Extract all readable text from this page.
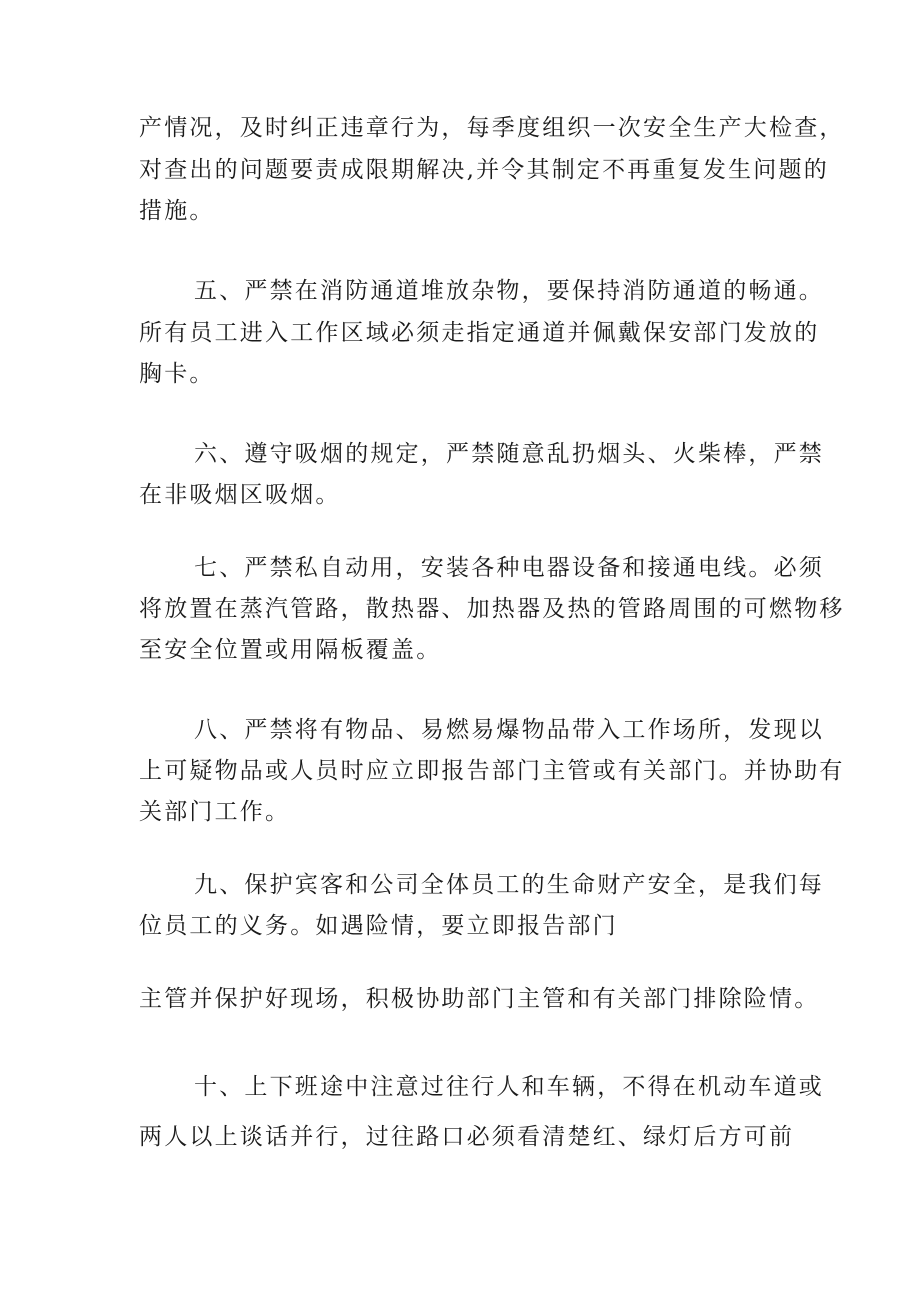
产情况，及时纠正违章行为，每季度组织一次安全生产大检查，

对查出的问题要责成限期解决,并令其制定不再重复发生问题的

措施。

五、严禁在消防通道堆放杂物，要保持消防通道的畅通。

所有员工进入工作区域必须走指定通道并佩戴保安部门发放的

胸卡。

六、遵守吸烟的规定，严禁随意乱扔烟头、火柴棒，严禁

在非吸烟区吸烟。

七、严禁私自动用，安装各种电器设备和接通电线。必须

将放置在蒸汽管路，散热器、加热器及热的管路周围的可燃物移

至安全位置或用隔板覆盖。

八、严禁将有物品、易燃易爆物品带入工作场所，发现以

上可疑物品或人员时应立即报告部门主管或有关部门。并协助有

关部门工作。

九、保护宾客和公司全体员工的生命财产安全，是我们每

位员工的义务。如遇险情，要立即报告部门

主管并保护好现场，积极协助部门主管和有关部门排除险情。

十、上下班途中注意过往行人和车辆，不得在机动车道或

两人以上谈话并行，过往路口必须看清楚红、绿灯后方可前
